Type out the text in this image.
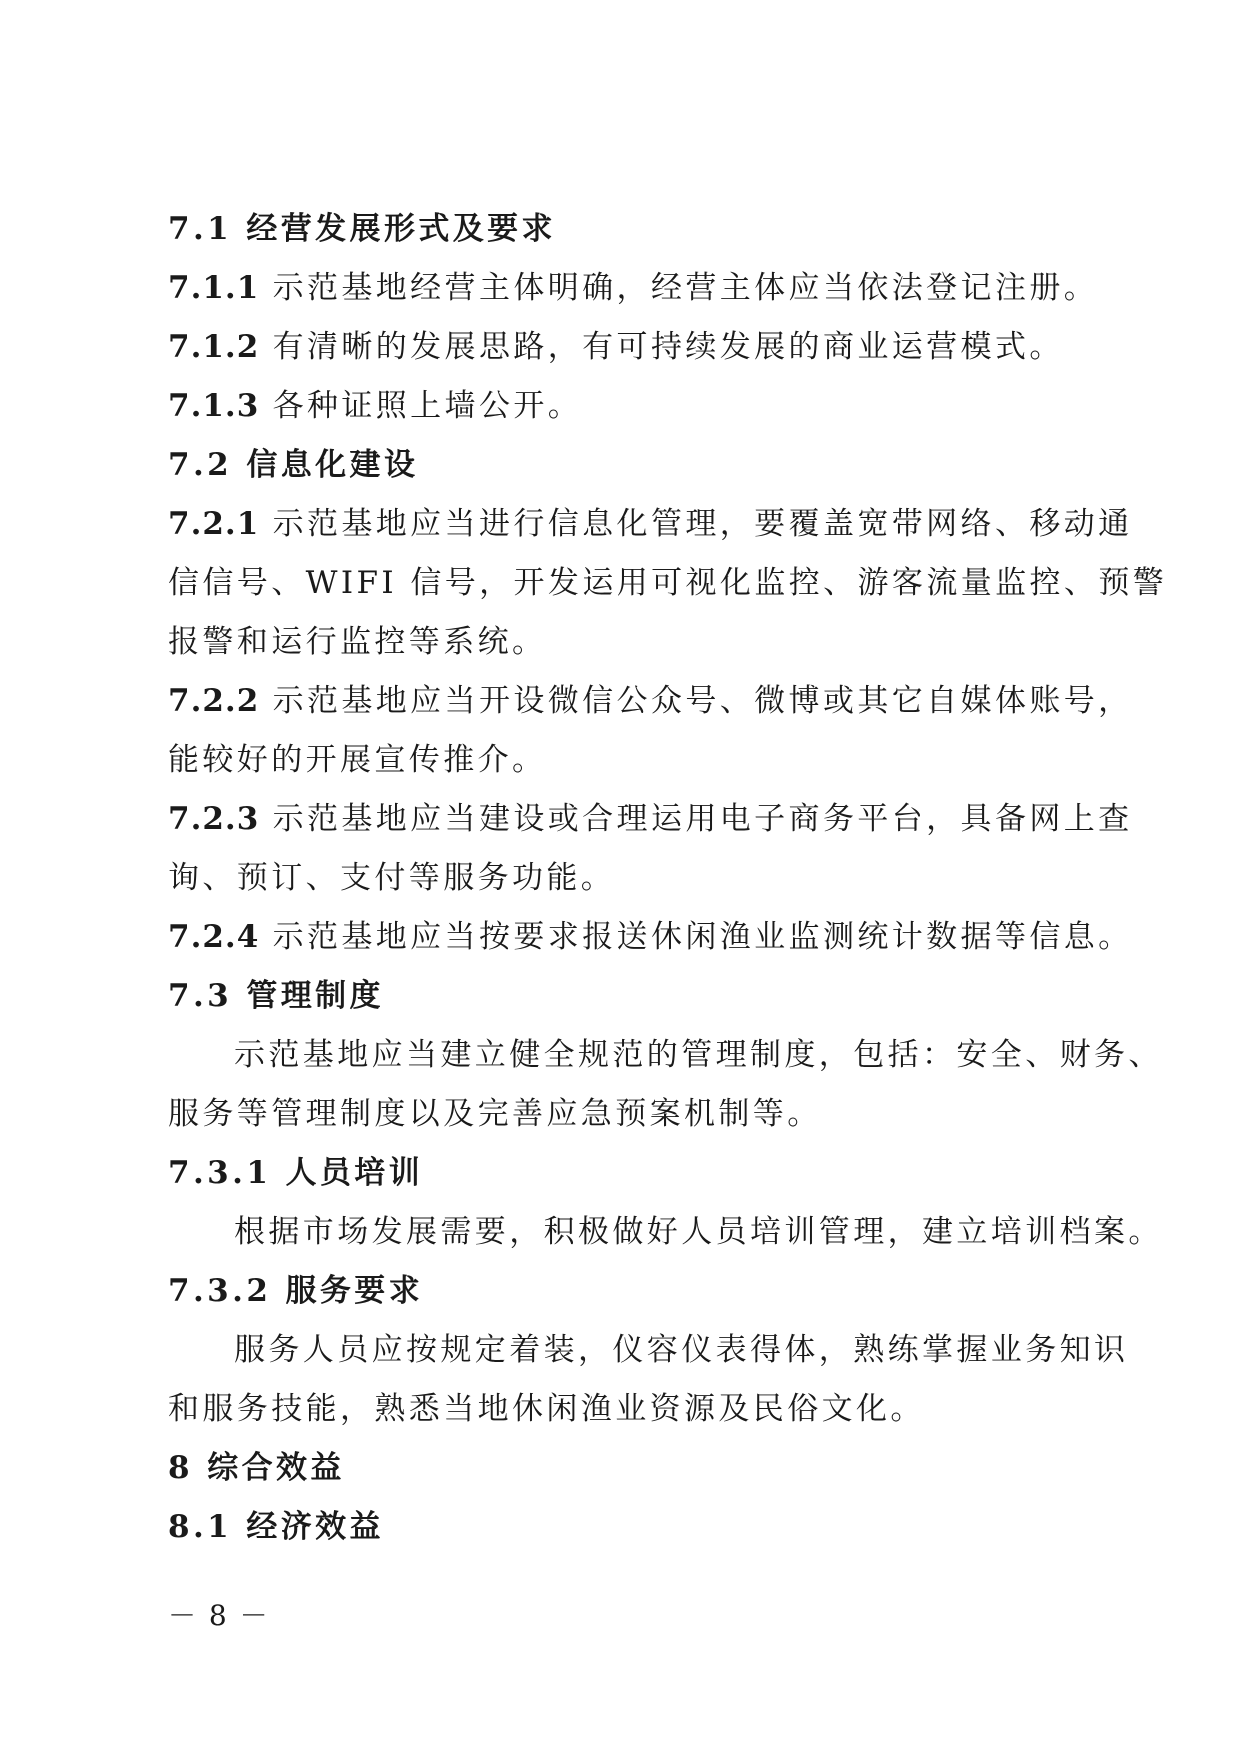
7.1 经营发展形式及要求
7.1.1 示范基地经营主体明确，经营主体应当依法登记注册。
7.1.2 有清晰的发展思路，有可持续发展的商业运营模式。
7.1.3 各种证照上墙公开。
7.2 信息化建设
7.2.1 示范基地应当进行信息化管理，要覆盖宽带网络、移动通
信信号、WIFI 信号，开发运用可视化监控、游客流量监控、预警
报警和运行监控等系统。
7.2.2 示范基地应当开设微信公众号、微博或其它自媒体账号，
能较好的开展宣传推介。
7.2.3 示范基地应当建设或合理运用电子商务平台，具备网上查
询、预订、支付等服务功能。
7.2.4 示范基地应当按要求报送休闲渔业监测统计数据等信息。
7.3 管理制度
示范基地应当建立健全规范的管理制度，包括：安全、财务、
服务等管理制度以及完善应急预案机制等。
7.3.1 人员培训
根据市场发展需要，积极做好人员培训管理，建立培训档案。
7.3.2 服务要求
服务人员应按规定着装，仪容仪表得体，熟练掌握业务知识
和服务技能，熟悉当地休闲渔业资源及民俗文化。
8 综合效益
8.1 经济效益
－ 8 －
